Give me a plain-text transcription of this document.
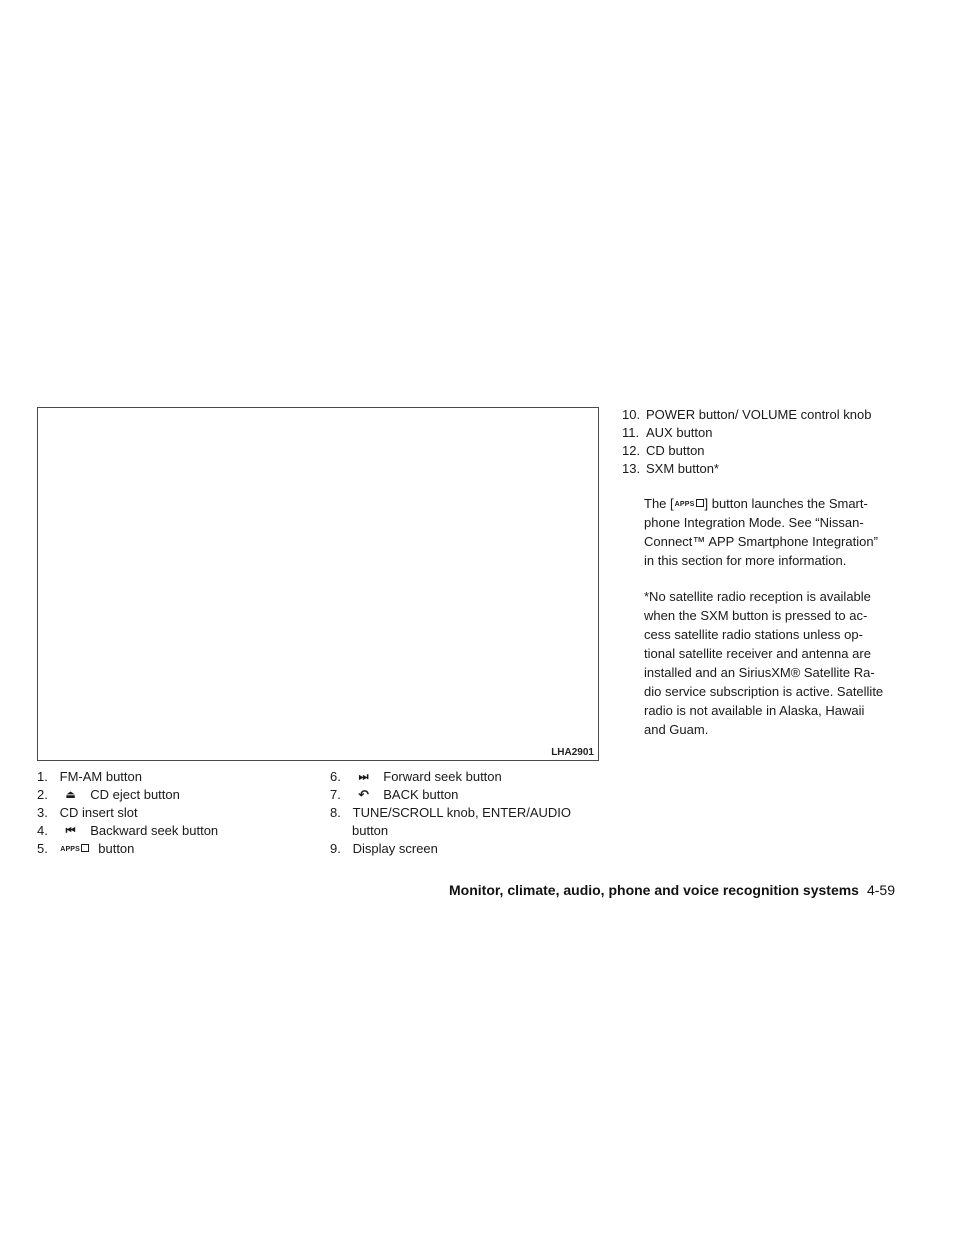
LHA2901
1. FM-AM button
2. ⏏ CD eject button
3. CD insert slot
4. ⏮ Backward seek button
5. APPS button
6. ⏭ Forward seek button
7. ↶ BACK button
8. TUNE/SCROLL knob, ENTER/AUDIO
button
9. Display screen
10. POWER button/ VOLUME control knob
11. AUX button
12. CD button
13. SXM button*

The [APPS ] button launches the Smart-

phone Integration Mode. See “Nissan-

Connect™ APP Smartphone Integration”

in this section for more information.

*No satellite radio reception is available

when the SXM button is pressed to ac-

cess satellite radio stations unless op-

tional satellite receiver and antenna are

installed and an SiriusXM® Satellite Ra-

dio service subscription is active. Satellite

radio is not available in Alaska, Hawaii

and Guam.

Monitor, climate, audio, phone and voice recognition systems 4-59
